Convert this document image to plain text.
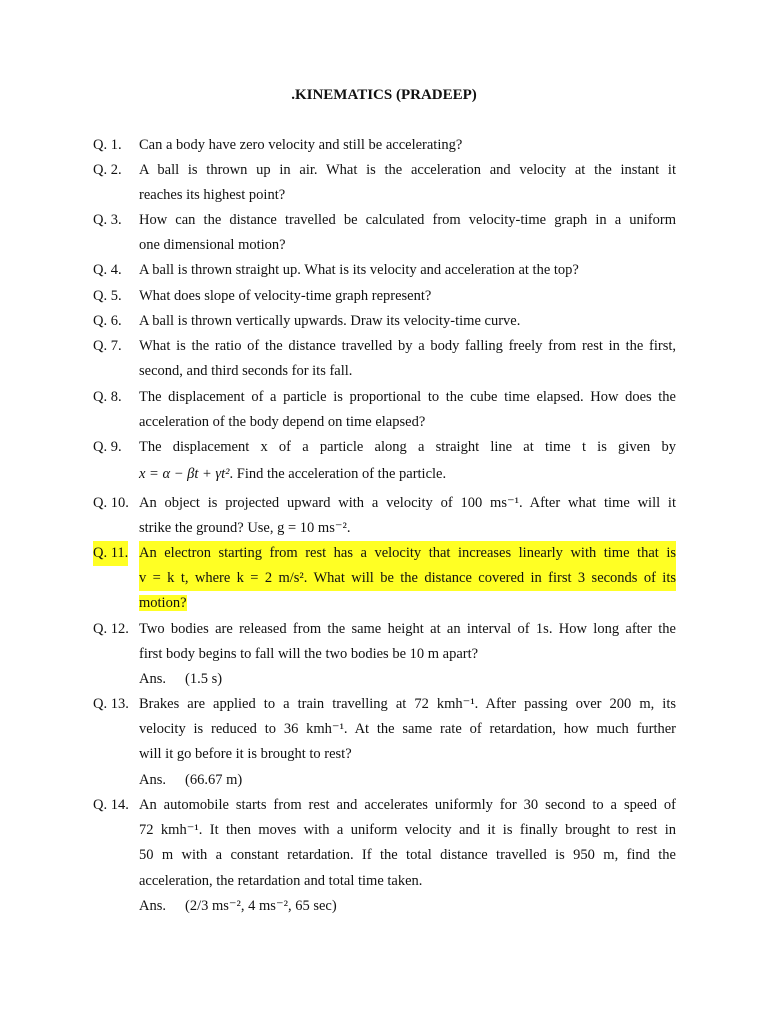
.KINEMATICS (PRADEEP)
Q. 1. Can a body have zero velocity and still be accelerating?
Q. 2. A ball is thrown up in air. What is the acceleration and velocity at the instant it
reaches its highest point?
Q. 3. How can the distance travelled be calculated from velocity-time graph in a uniform
one dimensional motion?
Q. 4. A ball is thrown straight up. What is its velocity and acceleration at the top?
Q. 5. What does slope of velocity-time graph represent?
Q. 6. A ball is thrown vertically upwards. Draw its velocity-time curve.
Q. 7. What is the ratio of the distance travelled by a body falling freely from rest in the first,
second, and third seconds for its fall.
Q. 8. The displacement of a particle is proportional to the cube time elapsed. How does the
acceleration of the body depend on time elapsed?
Q. 9. The displacement x of a particle along a straight line at time t is given by
x = α − βt + γt². Find the acceleration of the particle.
Q. 10. An object is projected upward with a velocity of 100 ms⁻¹. After what time will it
strike the ground? Use, g = 10 ms⁻².
Q. 11. An electron starting from rest has a velocity that increases linearly with time that is
v = k t, where k = 2 m/s². What will be the distance covered in first 3 seconds of its
motion?
Q. 12. Two bodies are released from the same height at an interval of 1s. How long after the
first body begins to fall will the two bodies be 10 m apart?
Ans. (1.5 s)
Q. 13. Brakes are applied to a train travelling at 72 kmh⁻¹. After passing over 200 m, its
velocity is reduced to 36 kmh⁻¹. At the same rate of retardation, how much further
will it go before it is brought to rest?
Ans. (66.67 m)
Q. 14. An automobile starts from rest and accelerates uniformly for 30 second to a speed of
72 kmh⁻¹. It then moves with a uniform velocity and it is finally brought to rest in
50 m with a constant retardation. If the total distance travelled is 950 m, find the
acceleration, the retardation and total time taken.
Ans. (2/3 ms⁻², 4 ms⁻², 65 sec)
